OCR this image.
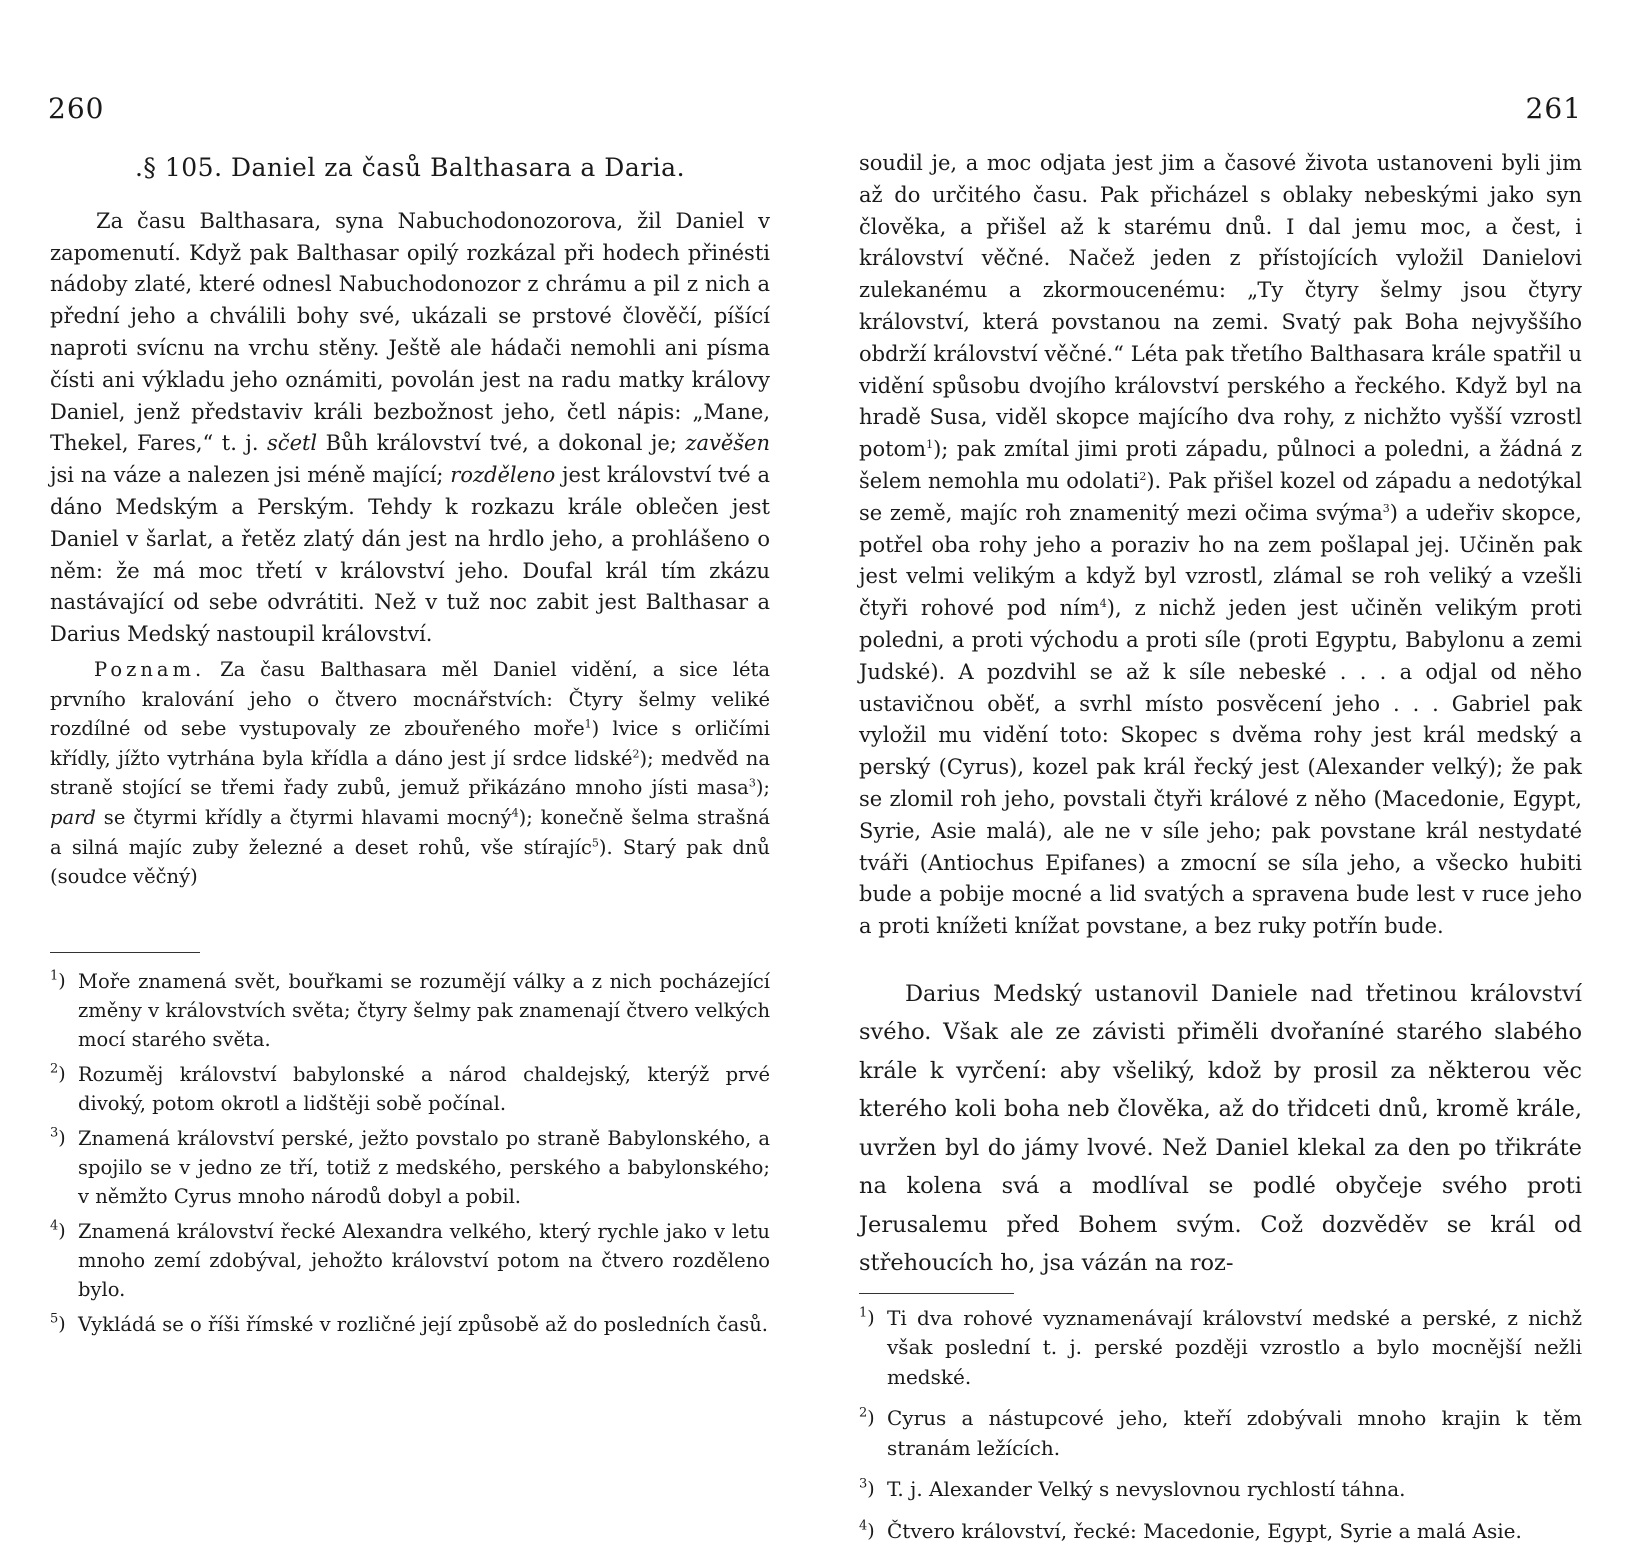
260
.§ 105. Daniel za časů Balthasara a Daria.

Za času Balthasara, syna Nabuchodonozorova, žil Daniel v zapomenutí. Když pak Balthasar opilý rozkázal při hodech přinésti nádoby zlaté, které odnesl Nabuchodonozor z chrámu a pil z nich a přední jeho a chválili bohy své, ukázali se prstové člověčí, píšící naproti svícnu na vrchu stěny. Ještě ale hádači nemohli ani písma čísti ani výkladu jeho oznámiti, povolán jest na radu matky královy Daniel, jenž představiv králi bezbožnost jeho, četl nápis: „Mane, Thekel, Fares,“ t. j. sčetl Bůh království tvé, a dokonal je; zavěšen jsi na váze a nalezen jsi méně mající; rozděleno jest království tvé a dáno Medským a Perským. Tehdy k rozkazu krále oblečen jest Daniel v šarlat, a řetěz zlatý dán jest na hrdlo jeho, a prohlášeno o něm: že má moc třetí v království jeho. Doufal král tím zkázu nastávající od sebe odvrátiti. Než v tuž noc zabit jest Balthasar a Darius Medský nastoupil království.

Poznam. Za času Balthasara měl Daniel vidění, a sice léta prvního kralování jeho o čtvero mocnářstvích: Čtyry šelmy veliké rozdílné od sebe vystupovaly ze zbouřeného moře$^1$) lvice s orličími křídly, jížto vytrhána byla křídla a dáno jest jí srdce lidské$^2$); medvěd na straně stojící se třemi řady zubů, jemuž přikázáno mnoho jísti masa$^3$); pard se čtyrmi křídly a čtyrmi hlavami mocný$^4$); konečně šelma strašná a silná majíc zuby železné a deset rohů, vše stírajíc$^5$). Starý pak dnů (soudce věčný)

$^1$) Moře znamená svět, bouřkami se rozumějí války a z nich pocházející změny v královstvích světa; čtyry šelmy pak znamenají čtvero velkých mocí starého světa.
$^2$) Rozuměj království babylonské a národ chaldejský, kterýž prvé divoký, potom okrotl a lidštěji sobě počínal.
$^3$) Znamená království perské, ježto povstalo po straně Babylonského, a spojilo se v jedno ze tří, totiž z medského, perského a babylonského; v němžto Cyrus mnoho národů dobyl a pobil.
$^4$) Znamená království řecké Alexandra velkého, který rychle jako v letu mnoho zemí zdobýval, jehožto království potom na čtvero rozděleno bylo.
$^5$) Vykládá se o říši římské v rozličné její způsobě až do posledních časů.
261

soudil je, a moc odjata jest jim a časové života ustanoveni byli jim až do určitého času. Pak přicházel s oblaky nebeskými jako syn člověka, a přišel až k starému dnů. I dal jemu moc, a čest, i království věčné. Načež jeden z přístojících vyložil Danielovi zulekanému a zkormoucenému: „Ty čtyry šelmy jsou čtyry království, která povstanou na zemi. Svatý pak Boha nejvyššího obdrží království věčné.“ Léta pak třetího Balthasara krále spatřil u vidění spůsobu dvojího království perského a řeckého. Když byl na hradě Susa, viděl skopce majícího dva rohy, z nichžto vyšší vzrostl potom$^1$); pak zmítal jimi proti západu, půlnoci a poledni, a žádná z šelem nemohla mu odolati$^2$). Pak přišel kozel od západu a nedotýkal se země, majíc roh znamenitý mezi očima svýma$^3$) a udeřiv skopce, potřel oba rohy jeho a poraziv ho na zem pošlapal jej. Učiněn pak jest velmi velikým a když byl vzrostl, zlámal se roh veliký a vzešli čtyři rohové pod ním$^4$), z nichž jeden jest učiněn velikým proti poledni, a proti východu a proti síle (proti Egyptu, Babylonu a zemi Judské). A pozdvihl se až k síle nebeské . . . a odjal od něho ustavičnou oběť, a svrhl místo posvěcení jeho . . . Gabriel pak vyložil mu vidění toto: Skopec s dvěma rohy jest král medský a perský (Cyrus), kozel pak král řecký jest (Alexander velký); že pak se zlomil roh jeho, povstali čtyři králové z něho (Macedonie, Egypt, Syrie, Asie malá), ale ne v síle jeho; pak povstane král nestydaté tváři (Antiochus Epifanes) a zmocní se síla jeho, a všecko hubiti bude a pobije mocné a lid svatých a spravena bude lest v ruce jeho a proti knížeti knížat povstane, a bez ruky potřín bude.

Darius Medský ustanovil Daniele nad třetinou království svého. Však ale ze závisti přiměli dvořaníné starého slabého krále k vyrčení: aby všeliký, kdož by prosil za některou věc kterého koli boha neb člověka, až do třidceti dnů, kromě krále, uvržen byl do jámy lvové. Než Daniel klekal za den po třikráte na kolena svá a modlíval se podlé obyčeje svého proti Jerusalemu před Bohem svým. Což dozvěděv se král od střehoucích ho, jsa vázán na roz-

$^1$) Ti dva rohové vyznamenávají království medské a perské, z nichž však poslední t. j. perské později vzrostlo a bylo mocnější nežli medské.
$^2$) Cyrus a nástupcové jeho, kteří zdobývali mnoho krajin k těm stranám ležících.
$^3$) T. j. Alexander Velký s nevyslovnou rychlostí táhna.
$^4$) Čtvero království, řecké: Macedonie, Egypt, Syrie a malá Asie.
